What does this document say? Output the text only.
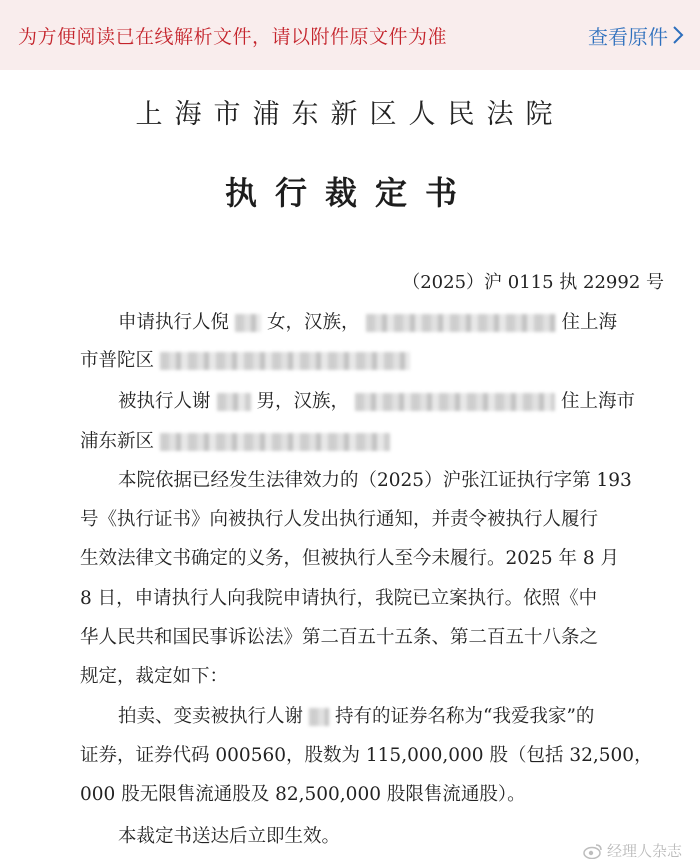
为方便阅读已在线解析文件，请以附件原文件为准	查看原件
上海市浦东新区人民法院
执行裁定书
（2025）沪 0115 执 22992 号
申请执行人倪 女，汉族，	住上海
市普陀区
被执行人谢 男，汉族，	住上海市
浦东新区
本院依据已经发生法律效力的（2025）沪张江证执行字第 193
号《执行证书》向被执行人发出执行通知，并责令被执行人履行
生效法律文书确定的义务，但被执行人至今未履行。2025 年 8 月
8 日，申请执行人向我院申请执行，我院已立案执行。依照《中
华人民共和国民事诉讼法》第二百五十五条、第二百五十八条之
规定，裁定如下：
拍卖、变卖被执行人谢 持有的证券名称为“我爱我家”的
证券，证券代码 000560，股数为 115,000,000 股（包括 32,500，
000 股无限售流通股及 82,500,000 股限售流通股）。
本裁定书送达后立即生效。
经理人杂志
